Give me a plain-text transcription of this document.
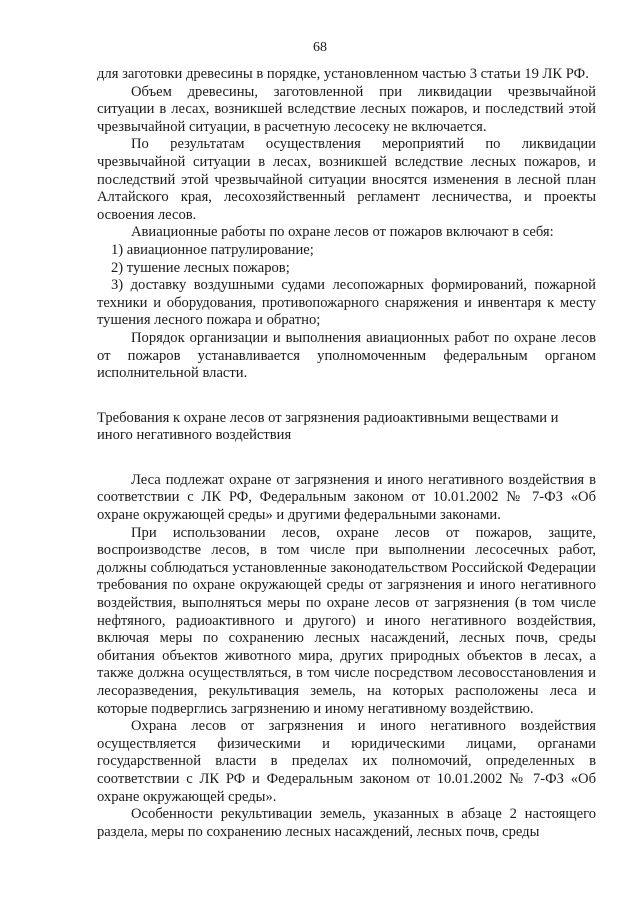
68

для заготовки древесины в порядке, установленном частью 3 статьи 19 ЛК РФ.

Объем древесины, заготовленной при ликвидации чрезвычайной ситуации в лесах, возникшей вследствие лесных пожаров, и последствий этой чрезвычайной ситуации, в расчетную лесосеку не включается.

По результатам осуществления мероприятий по ликвидации чрезвычайной ситуации в лесах, возникшей вследствие лесных пожаров, и последствий этой чрезвычайной ситуации вносятся изменения в лесной план Алтайского края, лесохозяйственный регламент лесничества, и проекты освоения лесов.

Авиационные работы по охране лесов от пожаров включают в себя:

1) авиационное патрулирование;

2) тушение лесных пожаров;

3) доставку воздушными судами лесопожарных формирований, пожарной техники и оборудования, противопожарного снаряжения и инвентаря к месту тушения лесного пожара и обратно;

Порядок организации и выполнения авиационных работ по охране лесов от пожаров устанавливается уполномоченным федеральным органом исполнительной власти.

Требования к охране лесов от загрязнения радиоактивными веществами и иного негативного воздействия

Леса подлежат охране от загрязнения и иного негативного воздействия в соответствии с ЛК РФ, Федеральным законом от 10.01.2002 № 7-ФЗ «Об охране окружающей среды» и другими федеральными законами.

При использовании лесов, охране лесов от пожаров, защите, воспроизводстве лесов, в том числе при выполнении лесосечных работ, должны соблюдаться установленные законодательством Российской Федерации требования по охране окружающей среды от загрязнения и иного негативного воздействия, выполняться меры по охране лесов от загрязнения (в том числе нефтяного, радиоактивного и другого) и иного негативного воздействия, включая меры по сохранению лесных насаждений, лесных почв, среды обитания объектов животного мира, других природных объектов в лесах, а также должна осуществляться, в том числе посредством лесовосстановления и лесоразведения, рекультивация земель, на которых расположены леса и которые подверглись загрязнению и иному негативному воздействию.

Охрана лесов от загрязнения и иного негативного воздействия осуществляется физическими и юридическими лицами, органами государственной власти в пределах их полномочий, определенных в соответствии с ЛК РФ и Федеральным законом от 10.01.2002 № 7-ФЗ «Об охране окружающей среды».

Особенности рекультивации земель, указанных в абзаце 2 настоящего раздела, меры по сохранению лесных насаждений, лесных почв, среды
